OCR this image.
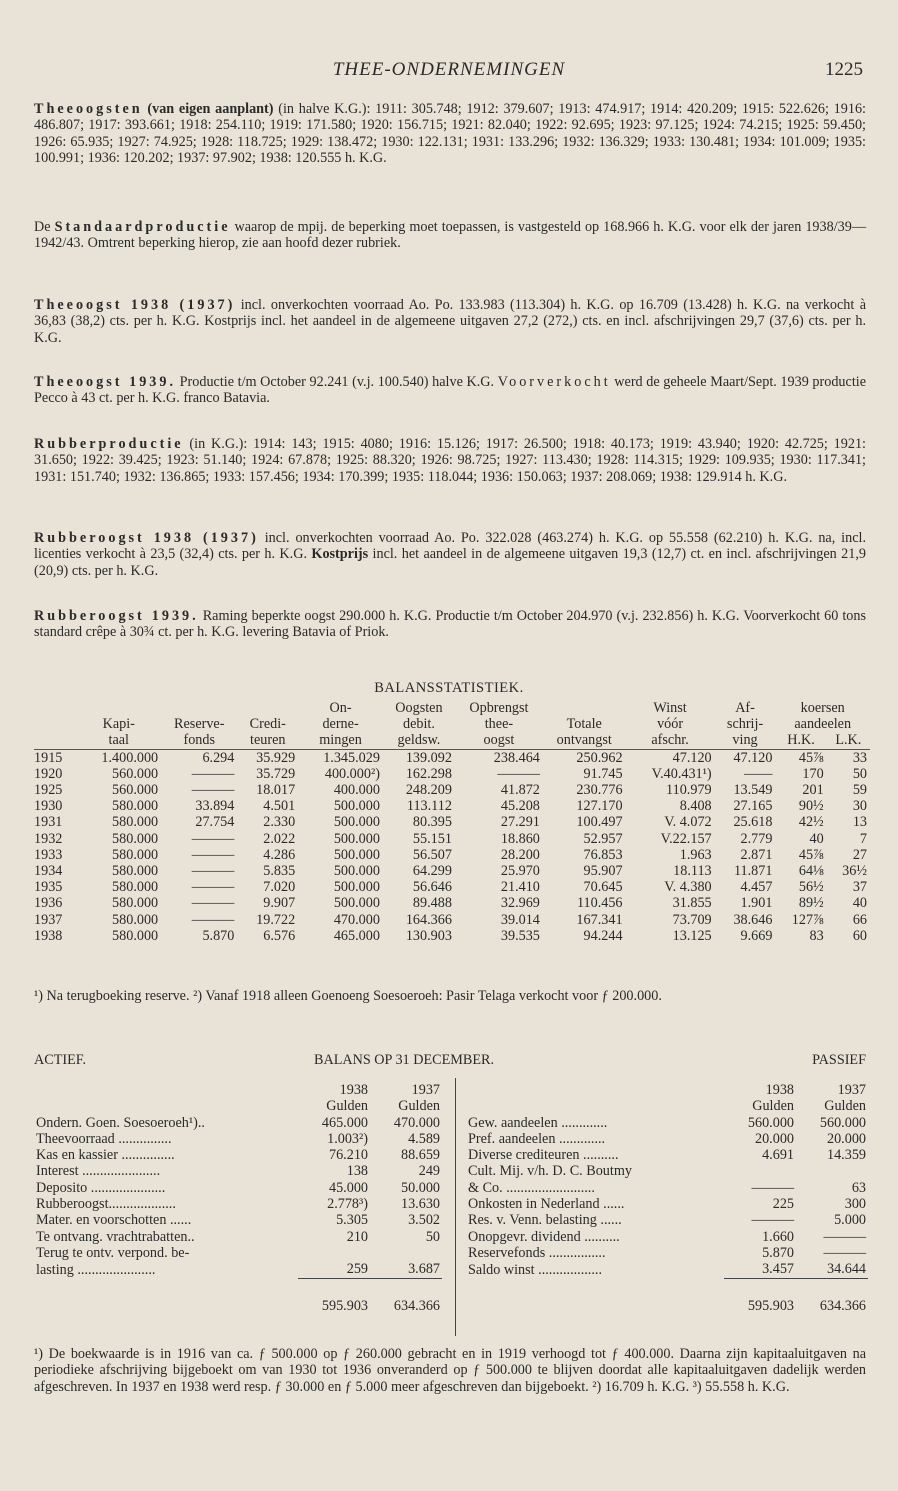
THEE-ONDERNEMINGEN	1225
Theeoogsten (van eigen aanplant) (in halve K.G.): 1911: 305.748; 1912: 379.607; 1913: 474.917; 1914: 420.209; 1915: 522.626; 1916: 486.807; 1917: 393.661; 1918: 254.110; 1919: 171.580; 1920: 156.715; 1921: 82.040; 1922: 92.695; 1923: 97.125; 1924: 74.215; 1925: 59.450; 1926: 65.935; 1927: 74.925; 1928: 118.725; 1929: 138.472; 1930: 122.131; 1931: 133.296; 1932: 136.329; 1933: 130.481; 1934: 101.009; 1935: 100.991; 1936: 120.202; 1937: 97.902; 1938: 120.555 h. K.G.
De Standaardproductie waarop de mpij. de beperking moet toepassen, is vastgesteld op 168.966 h. K.G. voor elk der jaren 1938/39—1942/43. Omtrent beperking hierop, zie aan hoofd dezer rubriek.
Theeoogst 1938 (1937) incl. onverkochten voorraad Ao. Po. 133.983 (113.304) h. K.G. op 16.709 (13.428) h. K.G. na verkocht à 36,83 (38,2) cts. per h. K.G. Kostprijs incl. het aandeel in de algemeene uitgaven 27,2 (272,) cts. en incl. afschrijvingen 29,7 (37,6) cts. per h. K.G.
Theeoogst 1939. Productie t/m October 92.241 (v.j. 100.540) halve K.G. Voorverkocht werd de geheele Maart/Sept. 1939 productie Pecco à 43 ct. per h. K.G. franco Batavia.
Rubberproductie (in K.G.): 1914: 143; 1915: 4080; 1916: 15.126; 1917: 26.500; 1918: 40.173; 1919: 43.940; 1920: 42.725; 1921: 31.650; 1922: 39.425; 1923: 51.140; 1924: 67.878; 1925: 88.320; 1926: 98.725; 1927: 113.430; 1928: 114.315; 1929: 109.935; 1930: 117.341; 1931: 151.740; 1932: 136.865; 1933: 157.456; 1934: 170.399; 1935: 118.044; 1936: 150.063; 1937: 208.069; 1938: 129.914 h. K.G.
Rubberoogst 1938 (1937) incl. onverkochten voorraad Ao. Po. 322.028 (463.274) h. K.G. op 55.558 (62.210) h. K.G. na, incl. licenties verkocht à 23,5 (32,4) cts. per h. K.G. Kostprijs incl. het aandeel in de algemeene uitgaven 19,3 (12,7) ct. en incl. afschrijvingen 21,9 (20,9) cts. per h. K.G.
Rubberoogst 1939. Raming beperkte oogst 290.000 h. K.G. Productie t/m October 204.970 (v.j. 232.856) h. K.G. Voorverkocht 60 tons standard crêpe à 30¾ ct. per h. K.G. levering Batavia of Priok.
BALANSSTATISTIEK.
				On-	Oogsten	Opbrengst		Winst	Af-	koersen	
	Kapi-	Reserve-	Credi-	derne-	debit.	thee-	Totale	vóór	schrij-	aandeelen	
	taal	fonds	teuren	mingen	geldsw.	oogst	ontvangst	afschr.	ving	H.K.	L.K.
1915	1.400.000	6.294	35.929	1.345.029	139.092	238.464	250.962	47.120	47.120	45⅞	33
1920	560.000	———	35.729	400.000²)	162.298	———	91.745	V.40.431¹)	——	170	50
1925	560.000	———	18.017	400.000	248.209	41.872	230.776	110.979	13.549	201	59
1930	580.000	33.894	4.501	500.000	113.112	45.208	127.170	8.408	27.165	90½	30
1931	580.000	27.754	2.330	500.000	80.395	27.291	100.497	V. 4.072	25.618	42½	13
1932	580.000	———	2.022	500.000	55.151	18.860	52.957	V.22.157	2.779	40	7
1933	580.000	———	4.286	500.000	56.507	28.200	76.853	1.963	2.871	45⅞	27
1934	580.000	———	5.835	500.000	64.299	25.970	95.907	18.113	11.871	64⅛	36½
1935	580.000	———	7.020	500.000	56.646	21.410	70.645	V. 4.380	4.457	56½	37
1936	580.000	———	9.907	500.000	89.488	32.969	110.456	31.855	1.901	89½	40
1937	580.000	———	19.722	470.000	164.366	39.014	167.341	73.709	38.646	127⅞	66
1938	580.000	5.870	6.576	465.000	130.903	39.535	94.244	13.125	9.669	83	60
¹) Na terugboeking reserve. ²) Vanaf 1918 alleen Goenoeng Soesoeroeh: Pasir Telaga verkocht voor ƒ 200.000.
ACTIEF.	BALANS OP 31 DECEMBER.	PASSIEF
	1938	1937
	Gulden	Gulden
Ondern. Goen. Soesoeroeh¹)..	465.000	470.000
Theevoorraad ...............	1.003²)	4.589
Kas en kassier ...............	76.210	88.659
Interest ......................	138	249
Deposito .....................	45.000	50.000
Rubberoogst...................	2.778³)	13.630
Mater. en voorschotten ......	5.305	3.502
Te ontvang. vrachtrabatten..	210	50
Terug te ontv. verpond. be-		
lasting ......................	259	3.687
	595.903	634.366
	1938	1937
	Gulden	Gulden
Gew. aandeelen .............	560.000	560.000
Pref. aandeelen .............	20.000	20.000
Diverse crediteuren ..........	4.691	14.359
Cult. Mij. v/h. D. C. Boutmy		
& Co. .........................	———	63
Onkosten in Nederland ......	225	300
Res. v. Venn. belasting ......	———	5.000
Onopgevr. dividend ..........	1.660	———
Reservefonds ................	5.870	———
Saldo winst ..................	3.457	34.644
	595.903	634.366
¹) De boekwaarde is in 1916 van ca. ƒ 500.000 op ƒ 260.000 gebracht en in 1919 verhoogd tot ƒ 400.000. Daarna zijn kapitaaluitgaven na periodieke afschrijving bijgeboekt om van 1930 tot 1936 onveranderd op ƒ 500.000 te blijven doordat alle kapitaaluitgaven dadelijk werden afgeschreven. In 1937 en 1938 werd resp. ƒ 30.000 en ƒ 5.000 meer afgeschreven dan bijgeboekt. ²) 16.709 h. K.G. ³) 55.558 h. K.G.
